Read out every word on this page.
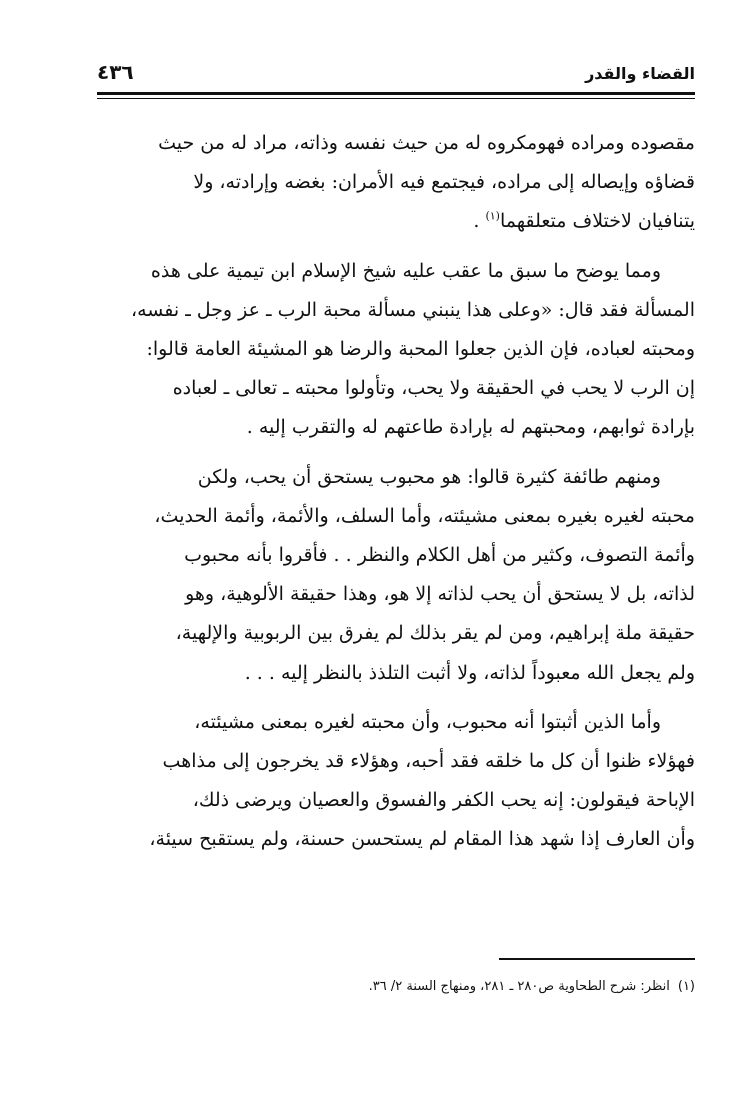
القضاء والقدر
٤٣٦

مقصوده ومراده فهومكروه له من حيث نفسه وذاته، مراد له من حيث
قضاؤه وإيصاله إلى مراده، فيجتمع فيه الأمران: بغضه وإرادته، ولا
يتنافيان لاختلاف متعلقهما$^{(١)}$ .

ومما يوضح ما سبق ما عقب عليه شيخ الإسلام ابن تيمية على هذه
المسألة فقد قال: «وعلى هذا ينبني مسألة محبة الرب ـ عز وجل ـ نفسه،
ومحبته لعباده، فإن الذين جعلوا المحبة والرضا هو المشيئة العامة قالوا:
إن الرب لا يحب في الحقيقة ولا يحب، وتأولوا محبته ـ تعالى ـ لعباده
بإرادة ثوابهم، ومحبتهم له بإرادة طاعتهم له والتقرب إليه .

ومنهم طائفة كثيرة قالوا: هو محبوب يستحق أن يحب، ولكن
محبته لغيره بغيره بمعنى مشيئته، وأما السلف، والأئمة، وأئمة الحديث،
وأئمة التصوف، وكثير من أهل الكلام والنظر . . فأقروا بأنه محبوب
لذاته، بل لا يستحق أن يحب لذاته إلا هو، وهذا حقيقة الألوهية، وهو
حقيقة ملة إبراهيم، ومن لم يقر بذلك لم يفرق بين الربوبية والإلهية،
ولم يجعل الله معبوداً لذاته، ولا أثبت التلذذ بالنظر إليه . . .

وأما الذين أثبتوا أنه محبوب، وأن محبته لغيره بمعنى مشيئته،
فهؤلاء ظنوا أن كل ما خلقه فقد أحبه، وهؤلاء قد يخرجون إلى مذاهب
الإباحة فيقولون: إنه يحب الكفر والفسوق والعصيان ويرضى ذلك،
وأن العارف إذا شهد هذا المقام لم يستحسن حسنة، ولم يستقبح سيئة،

(١)انظر: شرح الطحاوية ص٢٨٠ ـ ٢٨١، ومنهاج السنة ٢/ ٣٦.
